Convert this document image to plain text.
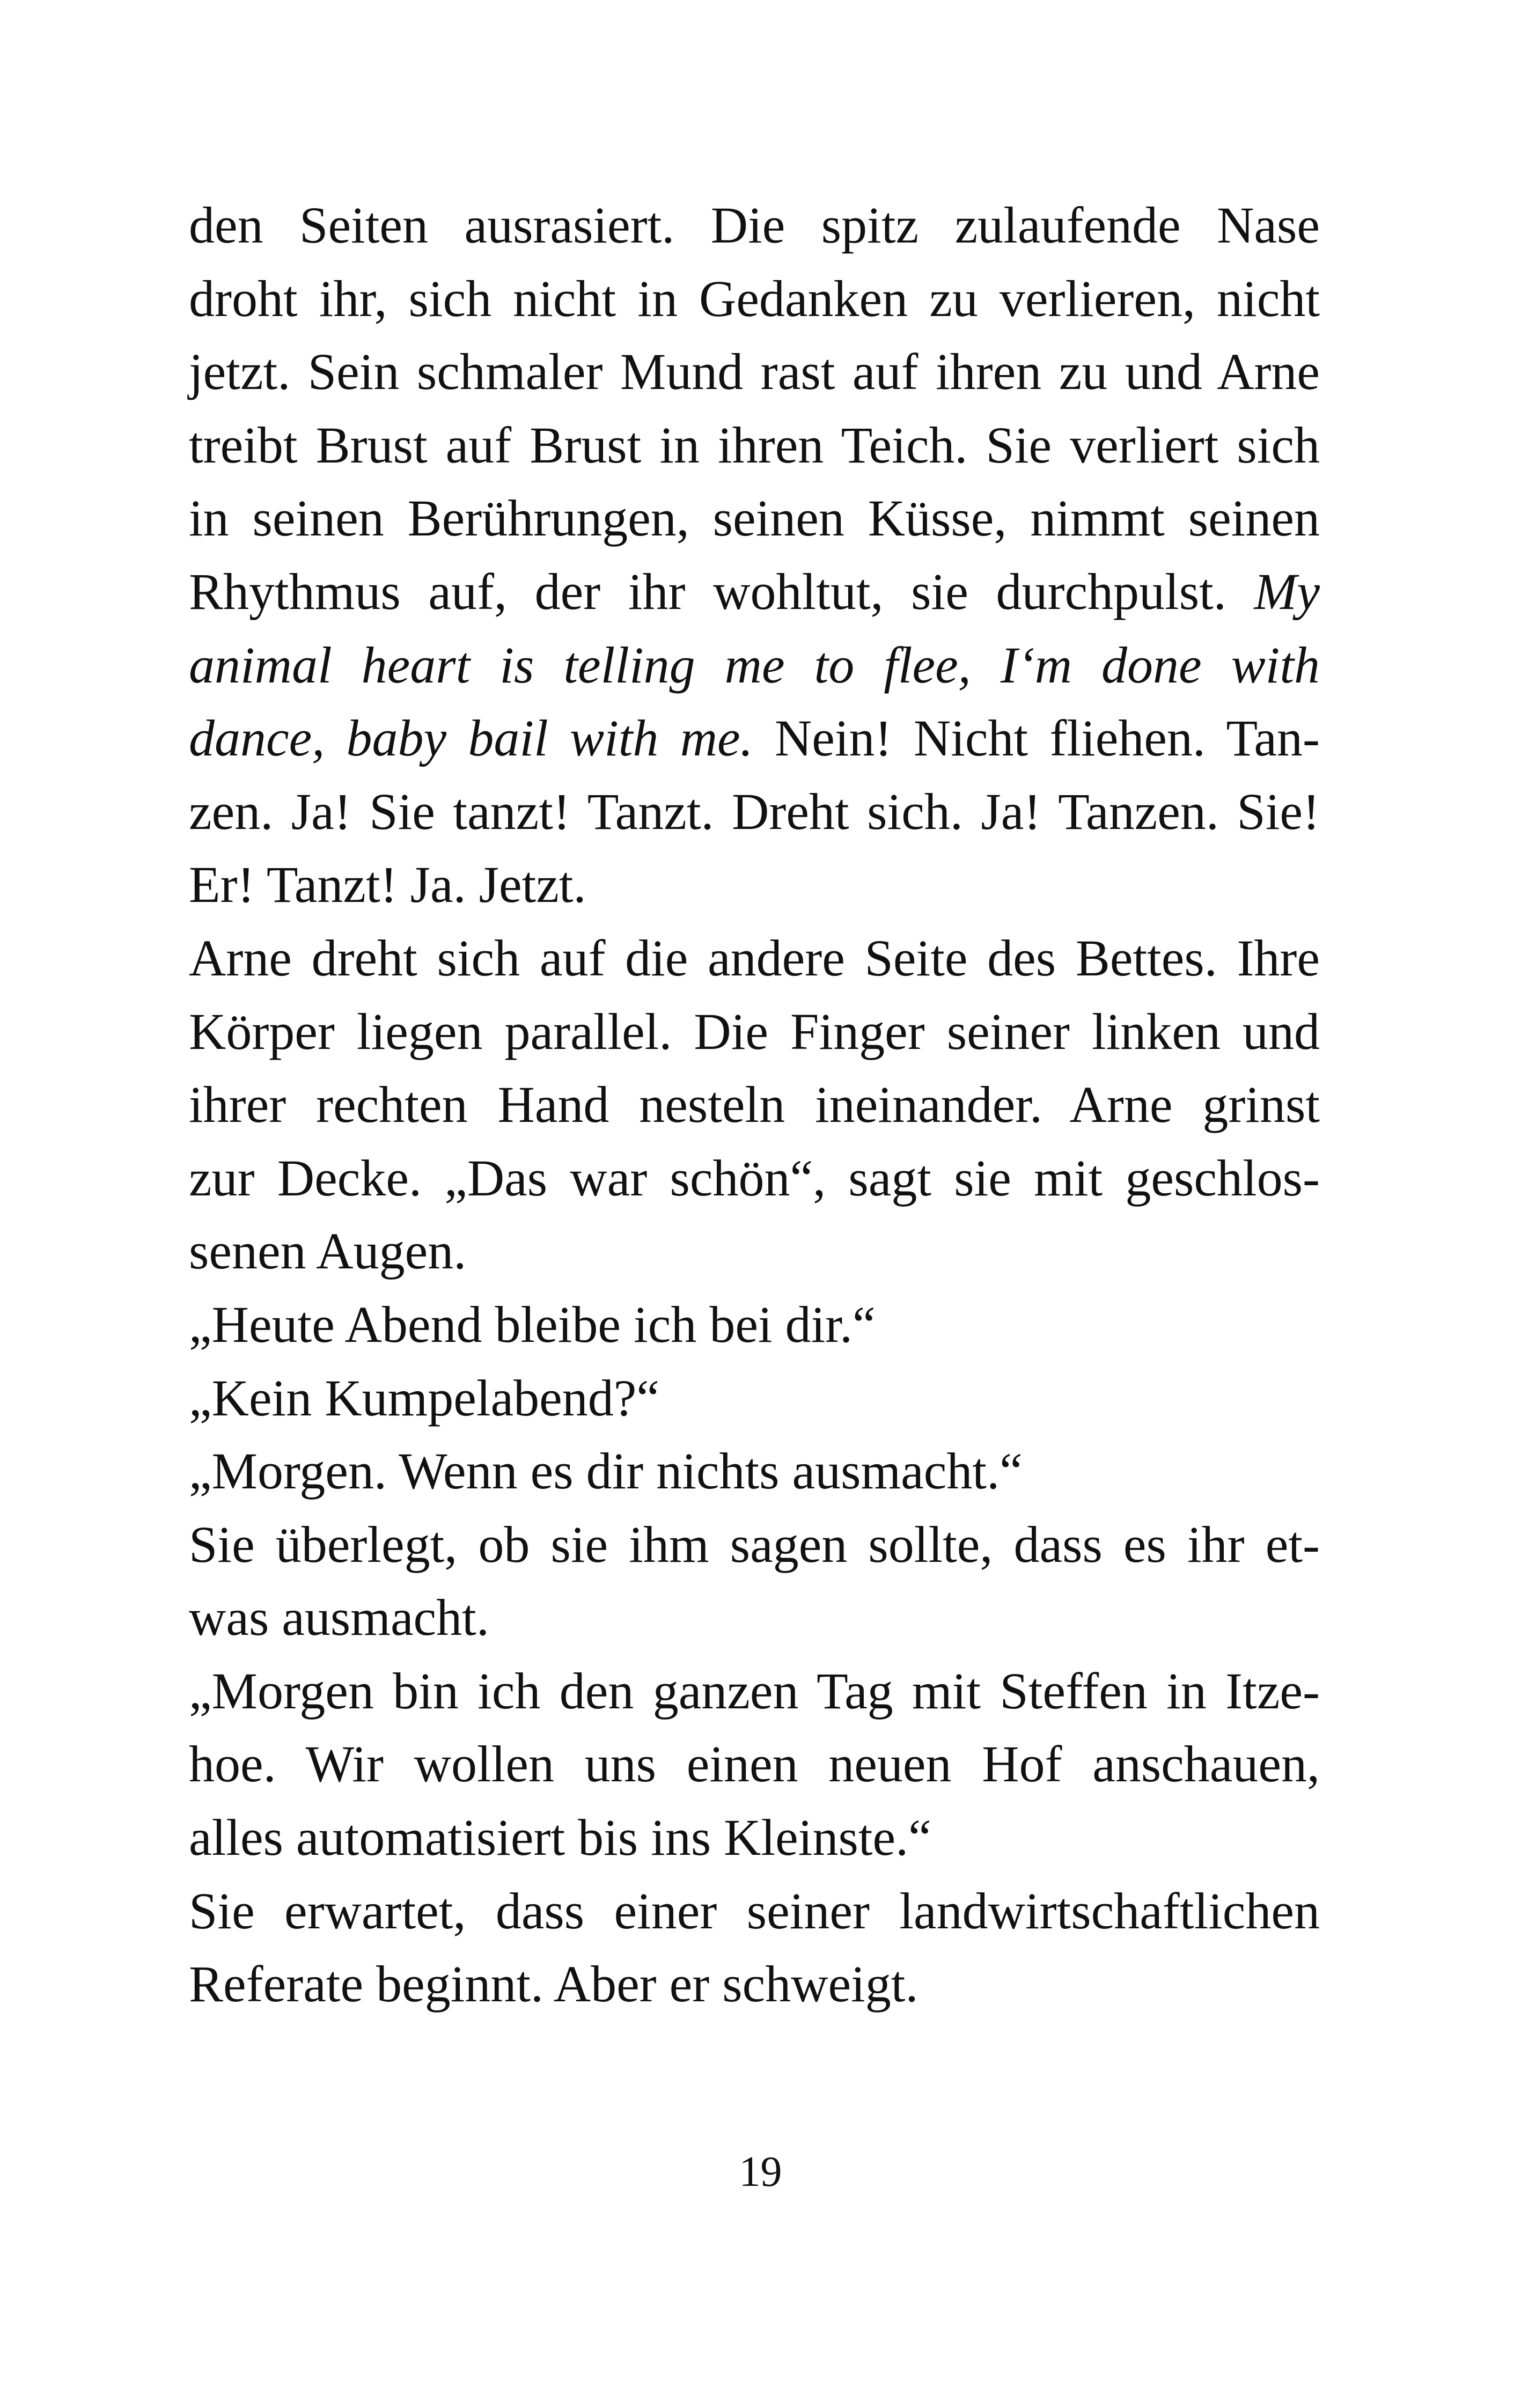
den Seiten ausrasiert. Die spitz zulaufende Nase
droht ihr, sich nicht in Gedanken zu verlieren, nicht
jetzt. Sein schmaler Mund rast auf ihren zu und Arne
treibt Brust auf Brust in ihren Teich. Sie verliert sich
in seinen Berührungen, seinen Küsse, nimmt seinen
Rhythmus auf, der ihr wohltut, sie durchpulst. My
animal heart is telling me to flee, I‘m done with
dance, baby bail with me. Nein! Nicht fliehen. Tan-
zen. Ja! Sie tanzt! Tanzt. Dreht sich. Ja! Tanzen. Sie!
Er! Tanzt! Ja. Jetzt.
Arne dreht sich auf die andere Seite des Bettes. Ihre
Körper liegen parallel. Die Finger seiner linken und
ihrer rechten Hand nesteln ineinander. Arne grinst
zur Decke. „Das war schön“, sagt sie mit geschlos-
senen Augen.
„Heute Abend bleibe ich bei dir.“
„Kein Kumpelabend?“
„Morgen. Wenn es dir nichts ausmacht.“
Sie überlegt, ob sie ihm sagen sollte, dass es ihr et-
was ausmacht.
„Morgen bin ich den ganzen Tag mit Steffen in Itze-
hoe. Wir wollen uns einen neuen Hof anschauen,
alles automatisiert bis ins Kleinste.“
Sie erwartet, dass einer seiner landwirtschaftlichen
Referate beginnt. Aber er schweigt.
19
